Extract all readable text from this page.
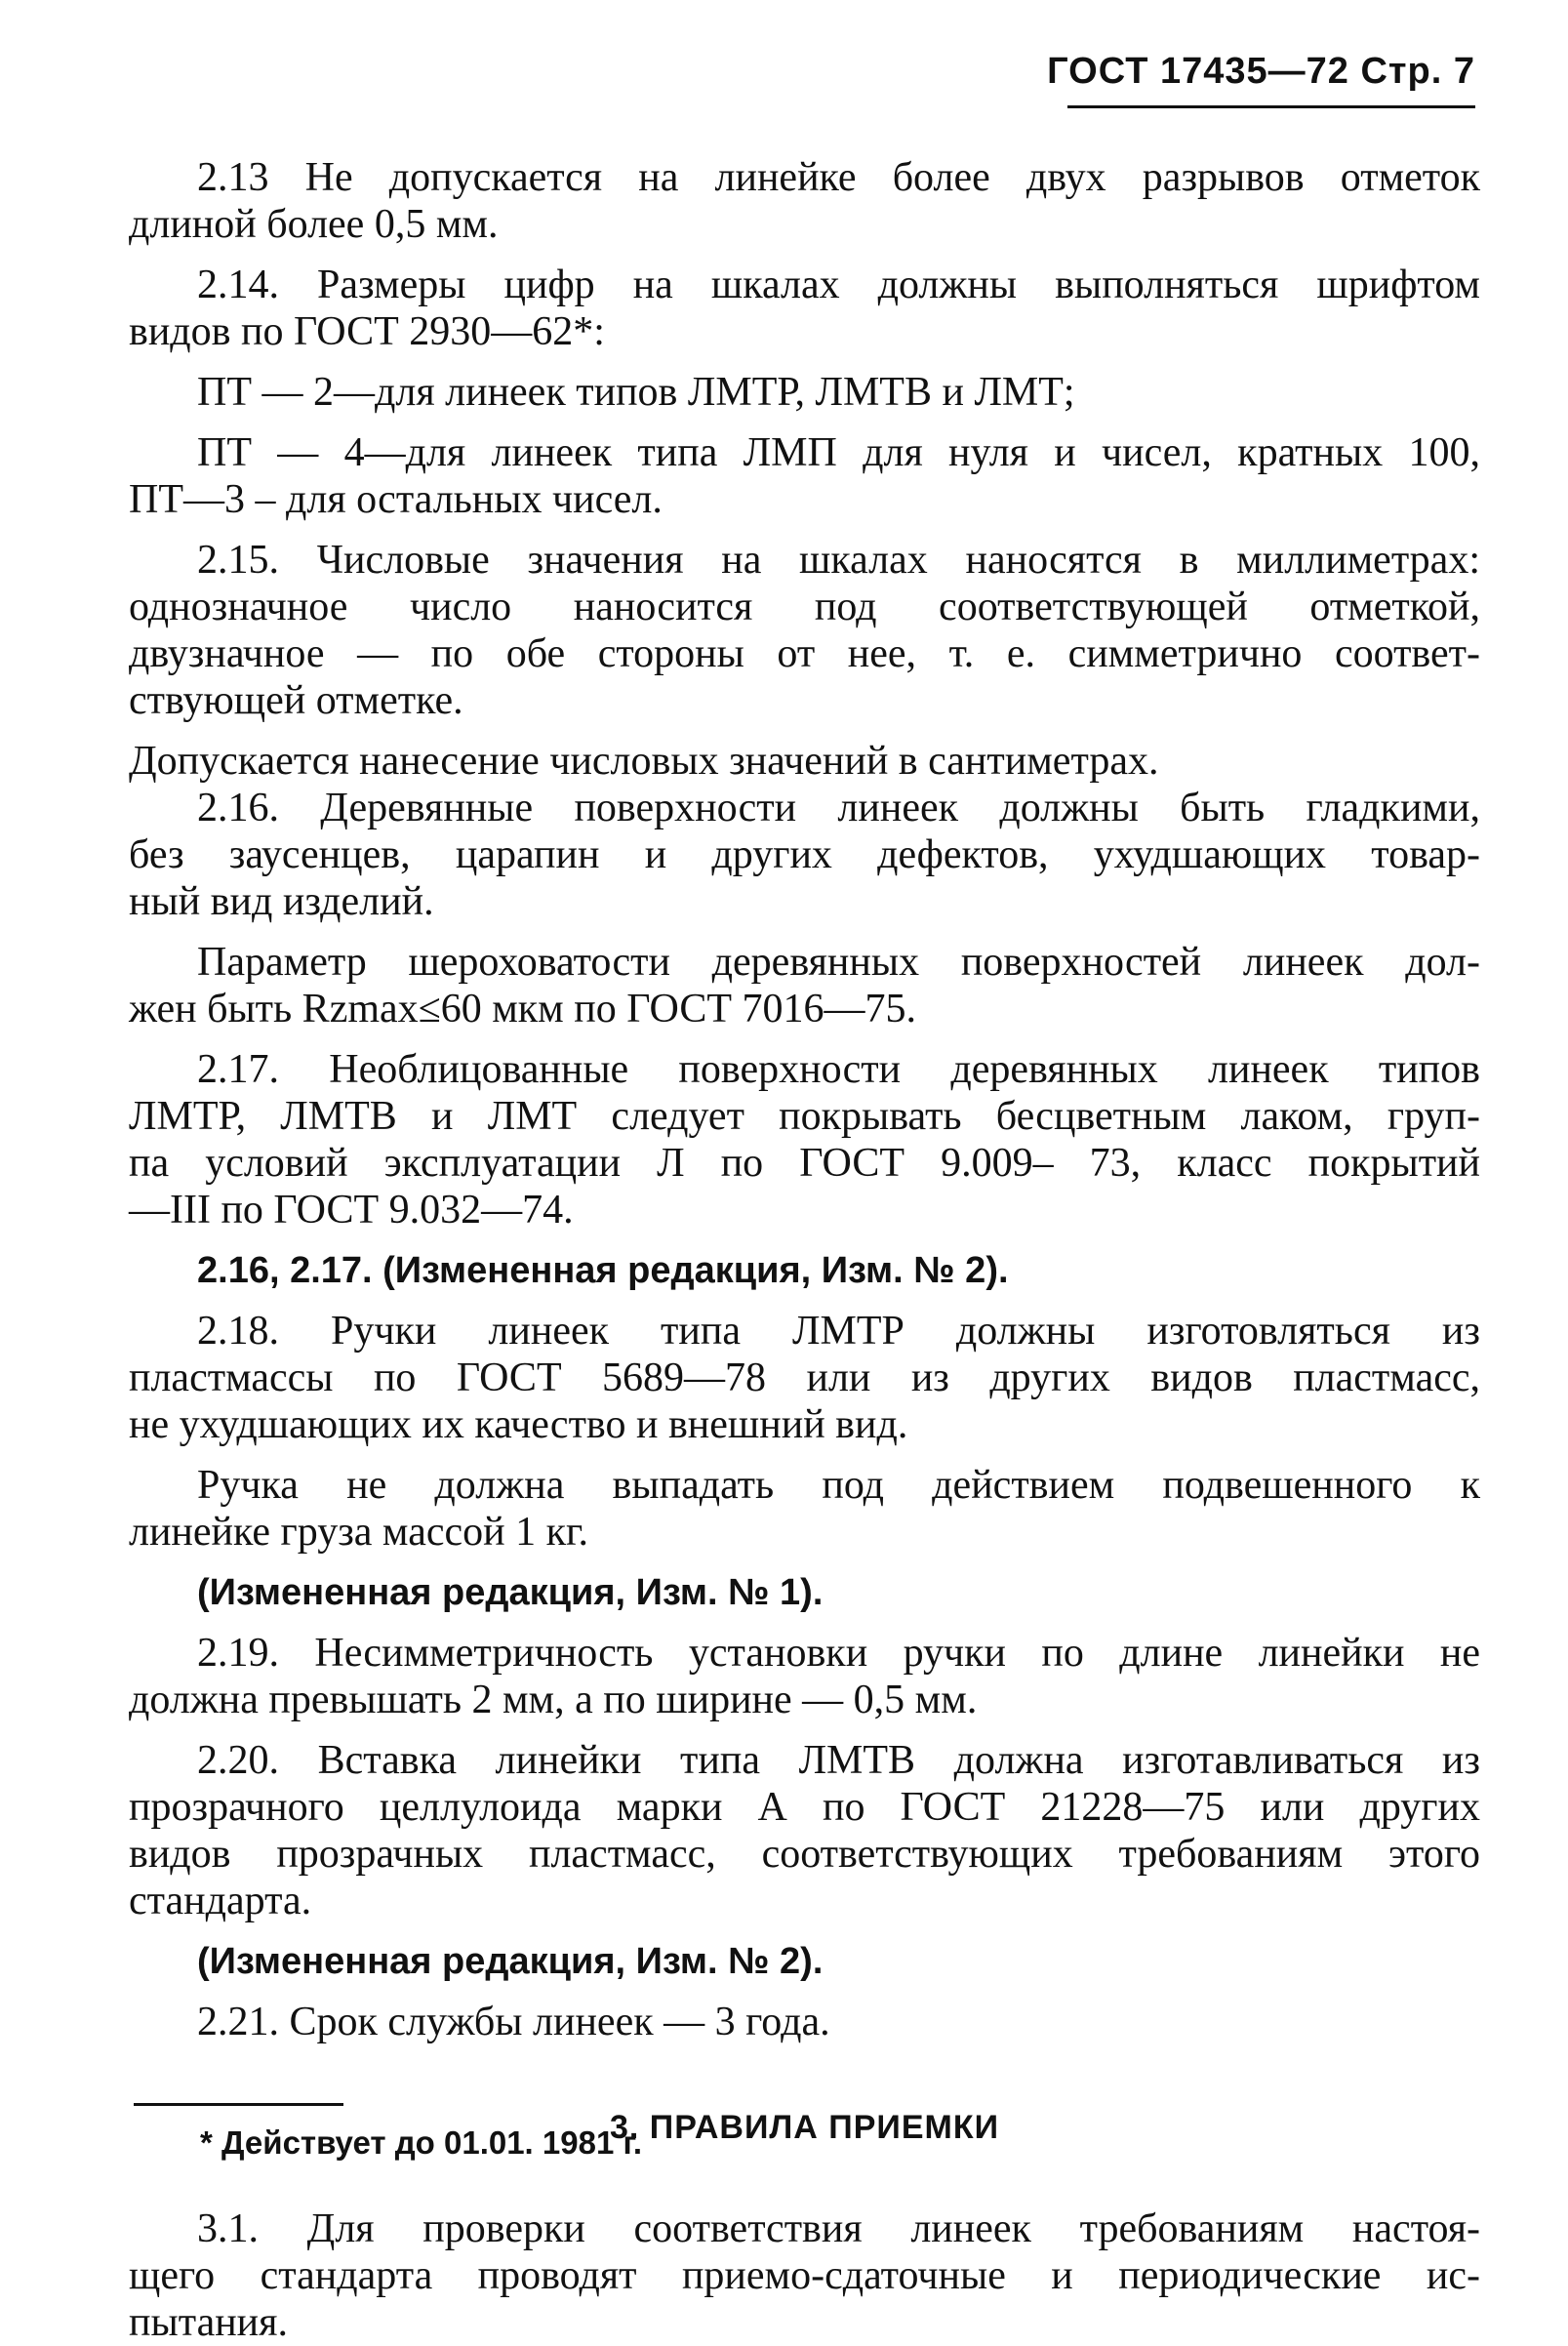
ГОСТ 17435—72 Стр. 7
2.13 Не допускается на линейке более двух разрывов отметок
длиной более 0,5 мм.
2.14. Размеры цифр на шкалах должны выполняться шрифтом
видов по ГОСТ 2930—62*:
ПТ — 2—для линеек типов ЛМТР, ЛМТВ и ЛМТ;
ПТ — 4—для линеек типа ЛМП для нуля и чисел, кратных 100,
ПТ—3 – для остальных чисел.
2.15. Числовые значения на шкалах наносятся в миллиметрах:
однозначное число наносится под соответствующей отметкой,
двузначное — по обе стороны от нее, т. е. симметрично соответ-
ствующей отметке.
Допускается нанесение числовых значений в сантиметрах.
2.16. Деревянные поверхности линеек должны быть гладкими,
без заусенцев, царапин и других дефектов, ухудшающих товар-
ный вид изделий.
Параметр шероховатости деревянных поверхностей линеек дол-
жен быть Rzmax≤60 мкм по ГОСТ 7016—75.
2.17. Необлицованные поверхности деревянных линеек типов
ЛМТР, ЛМТВ и ЛМТ следует покрывать бесцветным лаком, груп-
па условий эксплуатации Л по ГОСТ 9.009– 73, класс покрытий
—III по ГОСТ 9.032—74.
2.16, 2.17. (Измененная редакция, Изм. № 2).
2.18. Ручки линеек типа ЛМТР должны изготовляться из
пластмассы по ГОСТ 5689—78 или из других видов пластмасс,
не ухудшающих их качество и внешний вид.
Ручка не должна выпадать под действием подвешенного к
линейке груза массой 1 кг.
(Измененная редакция, Изм. № 1).
2.19. Несимметричность установки ручки по длине линейки не
должна превышать 2 мм, а по ширине — 0,5 мм.
2.20. Вставка линейки типа ЛМТВ должна изготавливаться из
прозрачного целлулоида марки А по ГОСТ 21228—75 или других
видов прозрачных пластмасс, соответствующих требованиям этого
стандарта.
(Измененная редакция, Изм. № 2).
2.21. Срок службы линеек — 3 года.
3. ПРАВИЛА ПРИЕМКИ
3.1. Для проверки соответствия линеек требованиям настоя-
щего стандарта проводят приемо-сдаточные и периодические ис-
пытания.
* Действует до 01.01. 1981 г.
